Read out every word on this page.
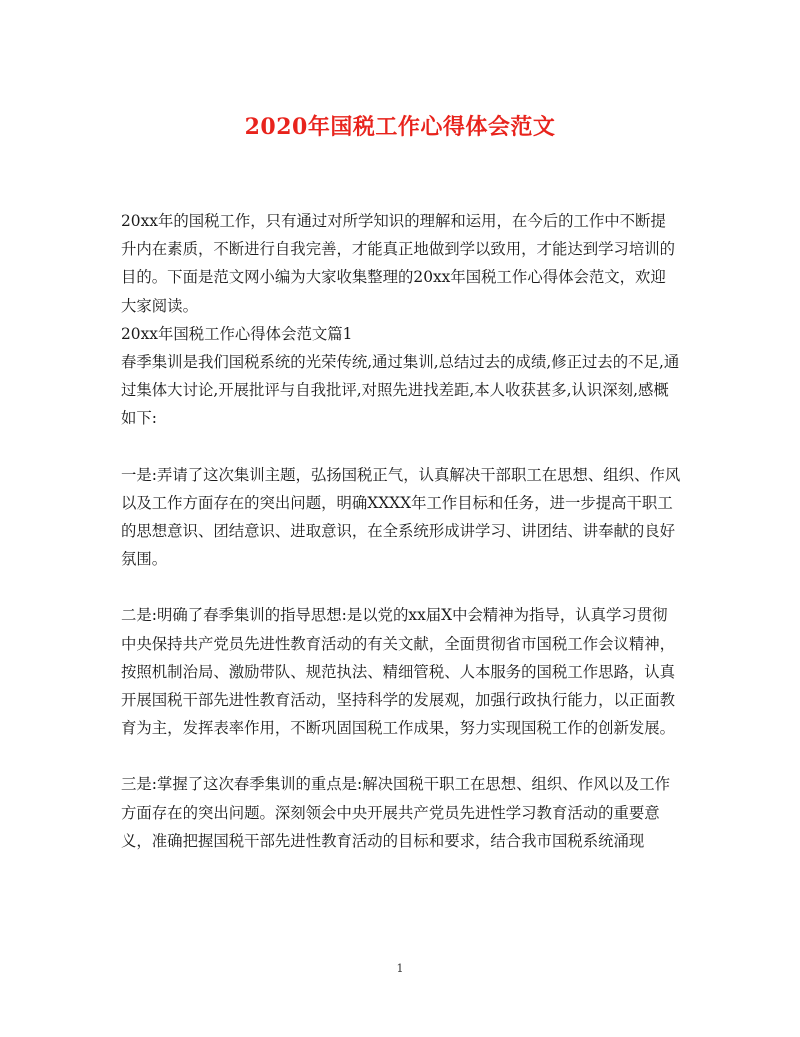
2020年国税工作心得体会范文

20xx年的国税工作，只有通过对所学知识的理解和运用，在今后的工作中不断提升内在素质，不断进行自我完善，才能真正地做到学以致用，才能达到学习培训的目的。下面是范文网小编为大家收集整理的20xx年国税工作心得体会范文，欢迎大家阅读。

20xx年国税工作心得体会范文篇1

春季集训是我们国税系统的光荣传统,通过集训,总结过去的成绩,修正过去的不足,通过集体大讨论,开展批评与自我批评,对照先进找差距,本人收获甚多,认识深刻,感概如下:

一是:弄请了这次集训主题，弘扬国税正气，认真解决干部职工在思想、组织、作风以及工作方面存在的突出问题，明确XXXX年工作目标和任务，进一步提高干职工的思想意识、团结意识、进取意识，在全系统形成讲学习、讲团结、讲奉献的良好氛围。

二是:明确了春季集训的指导思想:是以党的xx届X中会精神为指导，认真学习贯彻中央保持共产党员先进性教育活动的有关文献，全面贯彻省市国税工作会议精神，按照机制治局、激励带队、规范执法、精细管税、人本服务的国税工作思路，认真开展国税干部先进性教育活动，坚持科学的发展观，加强行政执行能力，以正面教育为主，发挥表率作用，不断巩固国税工作成果，努力实现国税工作的创新发展。

三是:掌握了这次春季集训的重点是:解决国税干职工在思想、组织、作风以及工作方面存在的突出问题。深刻领会中央开展共产党员先进性学习教育活动的重要意义，准确把握国税干部先进性教育活动的目标和要求，结合我市国税系统涌现

1
